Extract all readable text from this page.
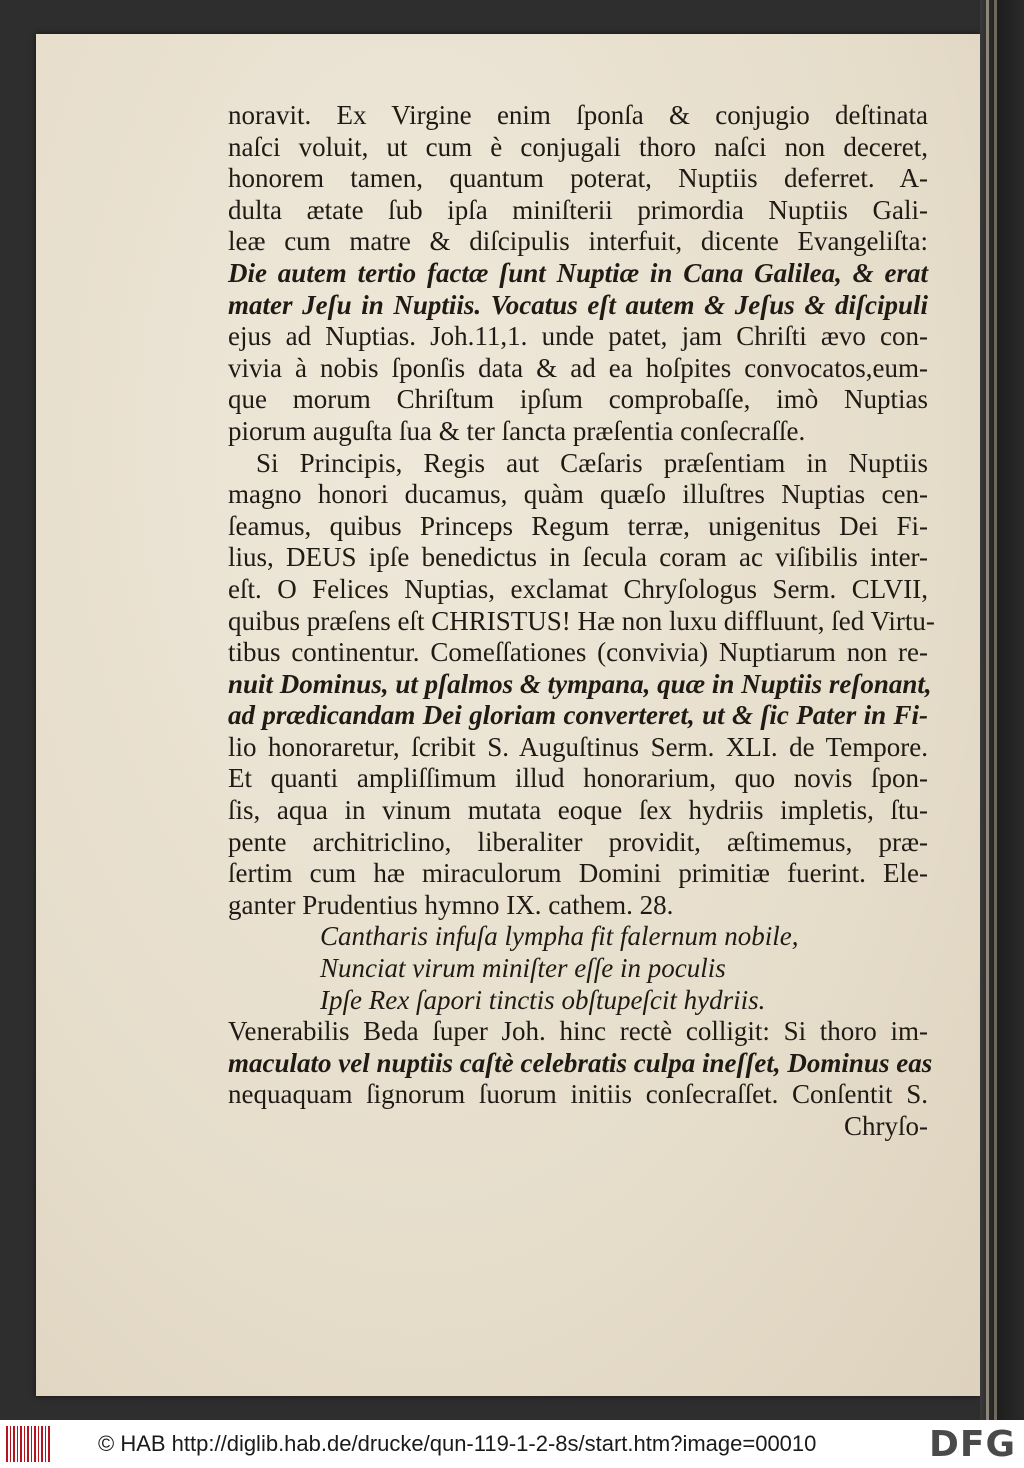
noravit. Ex Virgine enim ſponſa & conjugio deſtinata
naſci voluit, ut cum è conjugali thoro naſci non deceret,
honorem tamen, quantum poterat, Nuptiis deferret. A-
dulta ætate ſub ipſa miniſterii primordia Nuptiis Gali-
leæ cum matre & diſcipulis interfuit, dicente Evangeliſta:
Die autem tertio factæ ſunt Nuptiæ in Cana Galilea, & erat
mater Jeſu in Nuptiis. Vocatus eſt autem & Jeſus & diſcipuli
ejus ad Nuptias. Joh.11,1. unde patet, jam Chriſti ævo con-
vivia à nobis ſponſis data & ad ea hoſpites convocatos,eum-
que morum Chriſtum ipſum comprobaſſe, imò Nuptias
piorum auguſta ſua & ter ſancta præſentia conſecraſſe.
Si Principis, Regis aut Cæſaris præſentiam in Nuptiis
magno honori ducamus, quàm quæſo illuſtres Nuptias cen-
ſeamus, quibus Princeps Regum terræ, unigenitus Dei Fi-
lius, DEUS ipſe benedictus in ſecula coram ac viſibilis inter-
eſt. O Felices Nuptias, exclamat Chryſologus Serm. CLVII,
quibus præſens eſt CHRISTUS! Hæ non luxu diffluunt, ſed Virtu-
tibus continentur. Comeſſationes (convivia) Nuptiarum non re-
nuit Dominus, ut pſalmos & tympana, quæ in Nuptiis reſonant,
ad prædicandam Dei gloriam converteret, ut & ſic Pater in Fi-
lio honoraretur, ſcribit S. Auguſtinus Serm. XLI. de Tempore.
Et quanti ampliſſimum illud honorarium, quo novis ſpon-
ſis, aqua in vinum mutata eoque ſex hydriis impletis, ſtu-
pente architriclino, liberaliter providit, æſtimemus, præ-
ſertim cum hæ miraculorum Domini primitiæ fuerint. Ele-
ganter Prudentius hymno IX. cathem. 28.
Cantharis infuſa lympha fit falernum nobile,
Nunciat virum miniſter eſſe in poculis
Ipſe Rex ſapori tinctis obſtupeſcit hydriis.
Venerabilis Beda ſuper Joh. hinc rectè colligit: Si thoro im-
maculato vel nuptiis caſtè celebratis culpa ineſſet, Dominus eas
nequaquam ſignorum ſuorum initiis conſecraſſet. Conſentit S.
Chryſo-
© HAB http://diglib.hab.de/drucke/qun-119-1-2-8s/start.htm?image=00010	DFG
